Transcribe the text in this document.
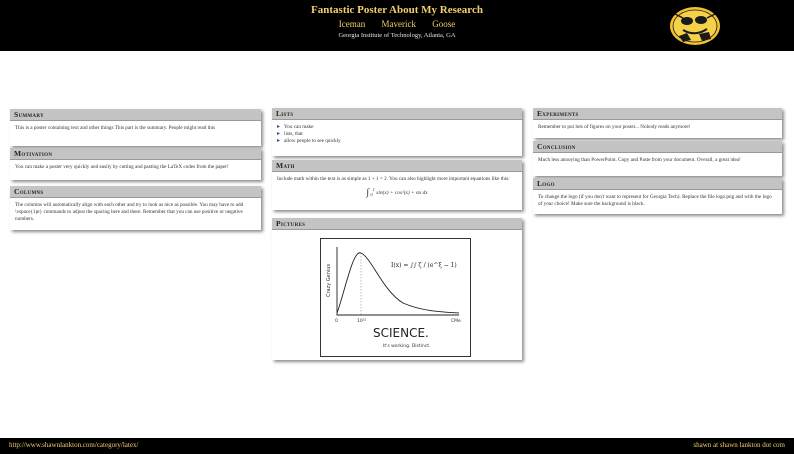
Fantastic Poster About My Research
Iceman Maverick Goose
Georgia Institute of Technology, Atlanta, GA
Summary
This is a poster containing text and other things This part is the summary. People might read this
Motivation
You can make a poster very quickly and easily by cutting and pasting the LaTeX codes from the paper!
Columns
The columns will automatically align with each other and try to look as nice as possible. You may have to add \vspace{1pt} commands to adjust the spacing here and there. Remember that you can use positive or negative numbers.
Lists
▸ You can make
▸ lists, that
▸ allow people to see quickly
Math
Include math within the text is as simple as 1 + 1 = 2. You can also highlight more important equations like this:
∫ $_0^1$ sin(x) + cos²(x) + αx dx
Pictures
Crazy Genius	I(x) = ∫∫ ζ / (e^ξ − 1)
0	10²¹	CMe
SCIENCE.
It's working. Distinct.
Experiments
Remember to put lots of figures on your poster... Nobody reads anymore!
Conclusion
Much less annoying than PowerPoint. Copy and Paste from your document. Overall, a great idea!
Logo
To change the logo (if you don't want to represent for Georgia Tech). Replace the file logo.png and with the logo of your choice! Make sure the background is black.
http://www.shawnlankton.com/category/latex/	shawn at shawn lankton dot com
